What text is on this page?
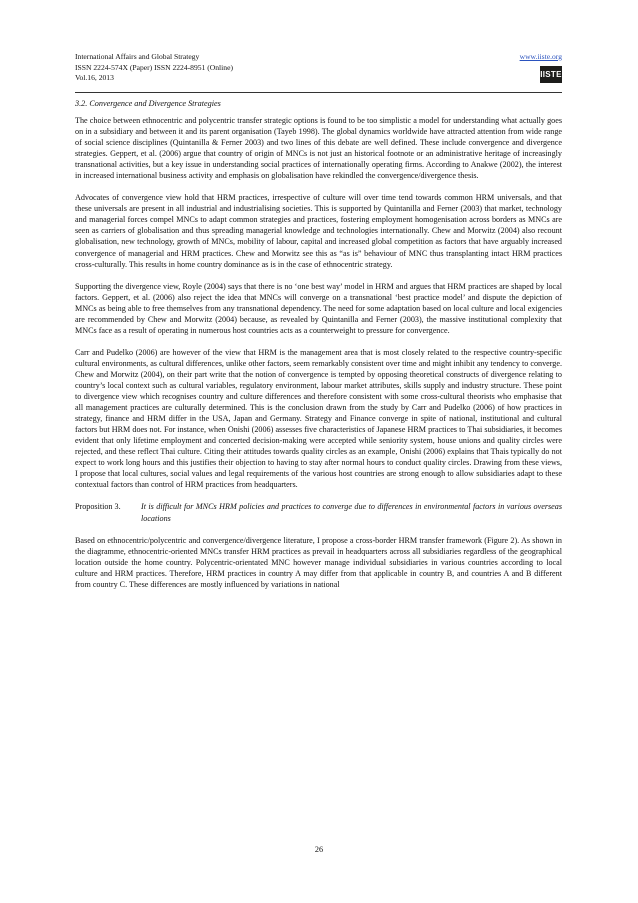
International Affairs and Global Strategy
ISSN 2224-574X (Paper) ISSN 2224-8951 (Online)
Vol.16, 2013
www.iiste.org
IISTE
3.2. Convergence and Divergence Strategies

The choice between ethnocentric and polycentric transfer strategic options is found to be too simplistic a model for understanding what actually goes on in a subsidiary and between it and its parent organisation (Tayeb 1998). The global dynamics worldwide have attracted attention from wide range of social science disciplines (Quintanilla & Ferner 2003) and two lines of this debate are well defined. These include convergence and divergence strategies. Geppert, et al. (2006) argue that country of origin of MNCs is not just an historical footnote or an administrative heritage of increasingly transnational activities, but a key issue in understanding social practices of internationally operating firms. According to Anakwe (2002), the interest in increased international business activity and emphasis on globalisation have rekindled the convergence/divergence thesis.

Advocates of convergence view hold that HRM practices, irrespective of culture will over time tend towards common HRM universals, and that these universals are present in all industrial and industrialising societies. This is supported by Quintanilla and Ferner (2003) that market, technology and managerial forces compel MNCs to adapt common strategies and practices, fostering employment homogenisation across borders as MNCs are seen as carriers of globalisation and thus spreading managerial knowledge and technologies internationally. Chew and Morwitz (2004) also recount globalisation, new technology, growth of MNCs, mobility of labour, capital and increased global competition as factors that have arguably increased convergence of managerial and HRM practices. Chew and Morwitz see this as “as is” behaviour of MNC thus transplanting intact HRM practices cross-culturally. This results in home country dominance as is in the case of ethnocentric strategy.

Supporting the divergence view, Royle (2004) says that there is no ‘one best way’ model in HRM and argues that HRM practices are shaped by local factors. Geppert, et al. (2006) also reject the idea that MNCs will converge on a transnational ‘best practice model’ and dispute the depiction of MNCs as being able to free themselves from any transnational dependency. The need for some adaptation based on local culture and local exigencies are recommended by Chew and Morwitz (2004) because, as revealed by Quintanilla and Ferner (2003), the massive institutional complexity that MNCs face as a result of operating in numerous host countries acts as a counterweight to pressure for convergence.

Carr and Pudelko (2006) are however of the view that HRM is the management area that is most closely related to the respective country-specific cultural environments, as cultural differences, unlike other factors, seem remarkably consistent over time and might inhibit any tendency to converge. Chew and Morwitz (2004), on their part write that the notion of convergence is tempted by opposing theoretical constructs of divergence relating to country’s local context such as cultural variables, regulatory environment, labour market attributes, skills supply and industry structure. These point to divergence view which recognises country and culture differences and therefore consistent with some cross-cultural theorists who emphasise that all management practices are culturally determined. This is the conclusion drawn from the study by Carr and Pudelko (2006) of how practices in strategy, finance and HRM differ in the USA, Japan and Germany. Strategy and Finance converge in spite of national, institutional and cultural factors but HRM does not. For instance, when Onishi (2006) assesses five characteristics of Japanese HRM practices to Thai subsidiaries, it becomes evident that only lifetime employment and concerted decision-making were accepted while seniority system, house unions and quality circles were rejected, and these reflect Thai culture. Citing their attitudes towards quality circles as an example, Onishi (2006) explains that Thais typically do not expect to work long hours and this justifies their objection to having to stay after normal hours to conduct quality circles. Drawing from these views, I propose that local cultures, social values and legal requirements of the various host countries are strong enough to allow subsidiaries adapt to these contextual factors than control of HRM practices from headquarters.

Proposition 3.	It is difficult for MNCs HRM policies and practices to converge due to differences in environmental factors in various overseas locations

Based on ethnocentric/polycentric and convergence/divergence literature, I propose a cross-border HRM transfer framework (Figure 2). As shown in the diagramme, ethnocentric-oriented MNCs transfer HRM practices as prevail in headquarters across all subsidiaries regardless of the geographical location outside the home country. Polycentric-orientated MNC however manage individual subsidiaries in various countries according to local culture and HRM practices. Therefore, HRM practices in country A may differ from that applicable in country B, and countries A and B different from country C. These differences are mostly influenced by variations in national

26
